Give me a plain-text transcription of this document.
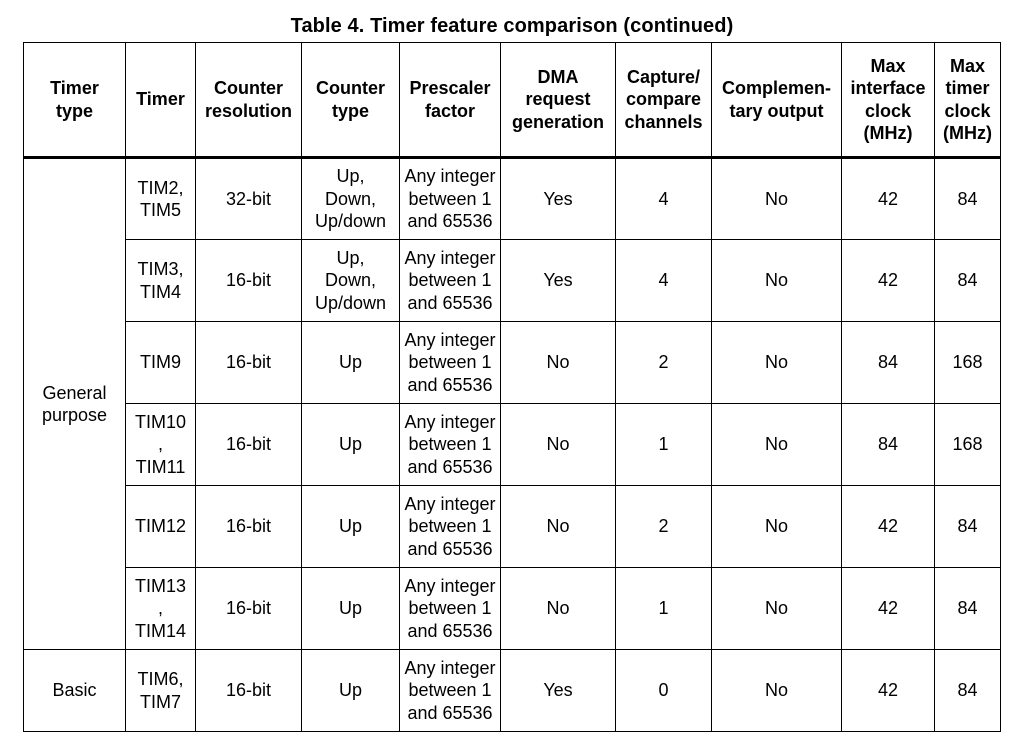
Table 4. Timer feature comparison (continued)
Timer
type	Timer	Counter
resolution	Counter
type	Prescaler
factor	DMA
request
generation	Capture/
compare
channels	Complemen-
tary output	Max
interface
clock
(MHz)	Max
timer
clock
(MHz)
General
purpose	TIM2,
TIM5	32-bit	Up,
Down,
Up/down	Any integer
between 1
and 65536	Yes	4	No	42	84
	TIM3,
TIM4	16-bit	Up,
Down,
Up/down	Any integer
between 1
and 65536	Yes	4	No	42	84
	TIM9	16-bit	Up	Any integer
between 1
and 65536	No	2	No	84	168
	TIM10
,
TIM11	16-bit	Up	Any integer
between 1
and 65536	No	1	No	84	168
	TIM12	16-bit	Up	Any integer
between 1
and 65536	No	2	No	42	84
	TIM13
,
TIM14	16-bit	Up	Any integer
between 1
and 65536	No	1	No	42	84
Basic	TIM6,
TIM7	16-bit	Up	Any integer
between 1
and 65536	Yes	0	No	42	84
